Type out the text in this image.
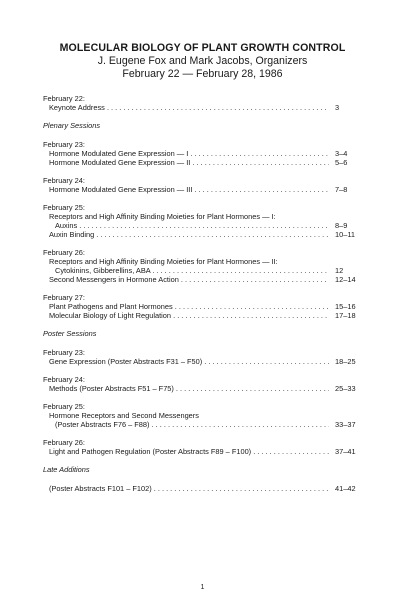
MOLECULAR BIOLOGY OF PLANT GROWTH CONTROL
J. Eugene Fox and Mark Jacobs, Organizers
February 22 — February 28, 1986
February 22:
Keynote Address . . .	3
Plenary Sessions
February 23:
Hormone Modulated Gene Expression — I . . .	3–4
Hormone Modulated Gene Expression — II . . .	5–6
February 24:
Hormone Modulated Gene Expression — III . . .	7–8
February 25:
Receptors and High Affinity Binding Moieties for Plant Hormones — I:
Auxins . . .	8–9
Auxin Binding . . .	10–11
February 26:
Receptors and High Affinity Binding Moieties for Plant Hormones — II:
Cytokinins, Gibberellins, ABA . . .	12
Second Messengers in Hormone Action . . .	12–14
February 27:
Plant Pathogens and Plant Hormones . . .	15–16
Molecular Biology of Light Regulation . . .	17–18
Poster Sessions
February 23:
Gene Expression (Poster Abstracts F31 – F50) . . .	18–25
February 24:
Methods (Poster Abstracts F51 – F75) . . .	25–33
February 25:
Hormone Receptors and Second Messengers
(Poster Abstracts F76 – F88) . . .	33–37
February 26:
Light and Pathogen Regulation (Poster Abstracts F89 – F100) . . .	37–41
Late Additions
(Poster Abstracts F101 – F102) . . .	41–42
1
